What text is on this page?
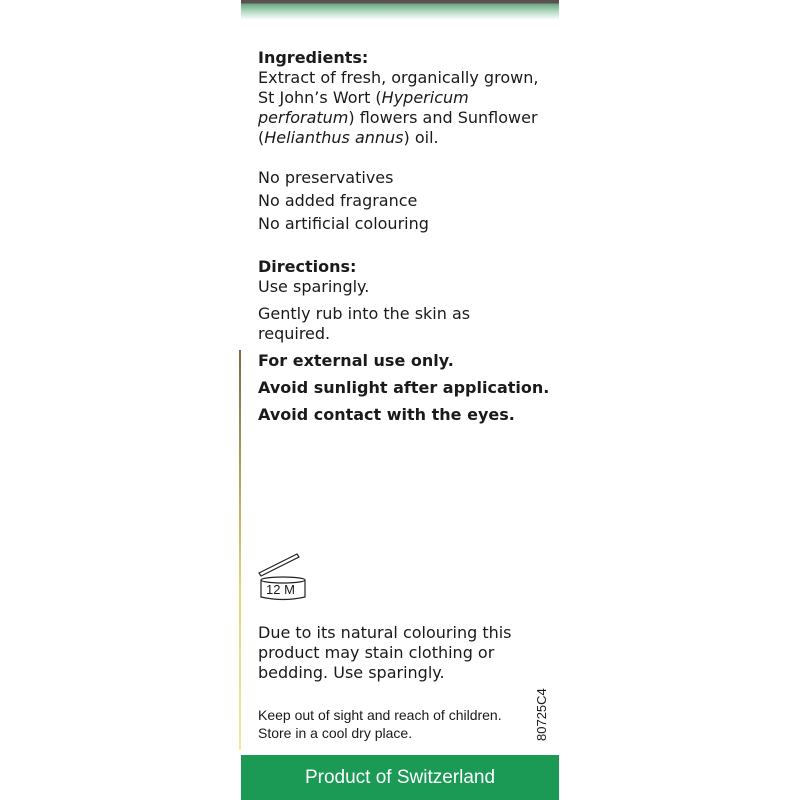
Ingredients:
Extract of fresh, organically grown, St John’s Wort (Hypericum perforatum) flowers and Sunflower (Helianthus annus) oil.
No preservatives
No added fragrance
No artificial colouring
Directions:
Use sparingly.
Gently rub into the skin as required.
For external use only.
Avoid sunlight after application.
Avoid contact with the eyes.
12 M
Due to its natural colouring this product may stain clothing or bedding. Use sparingly.
Keep out of sight and reach of children.
Store in a cool dry place.	80725C4
Product of Switzerland
